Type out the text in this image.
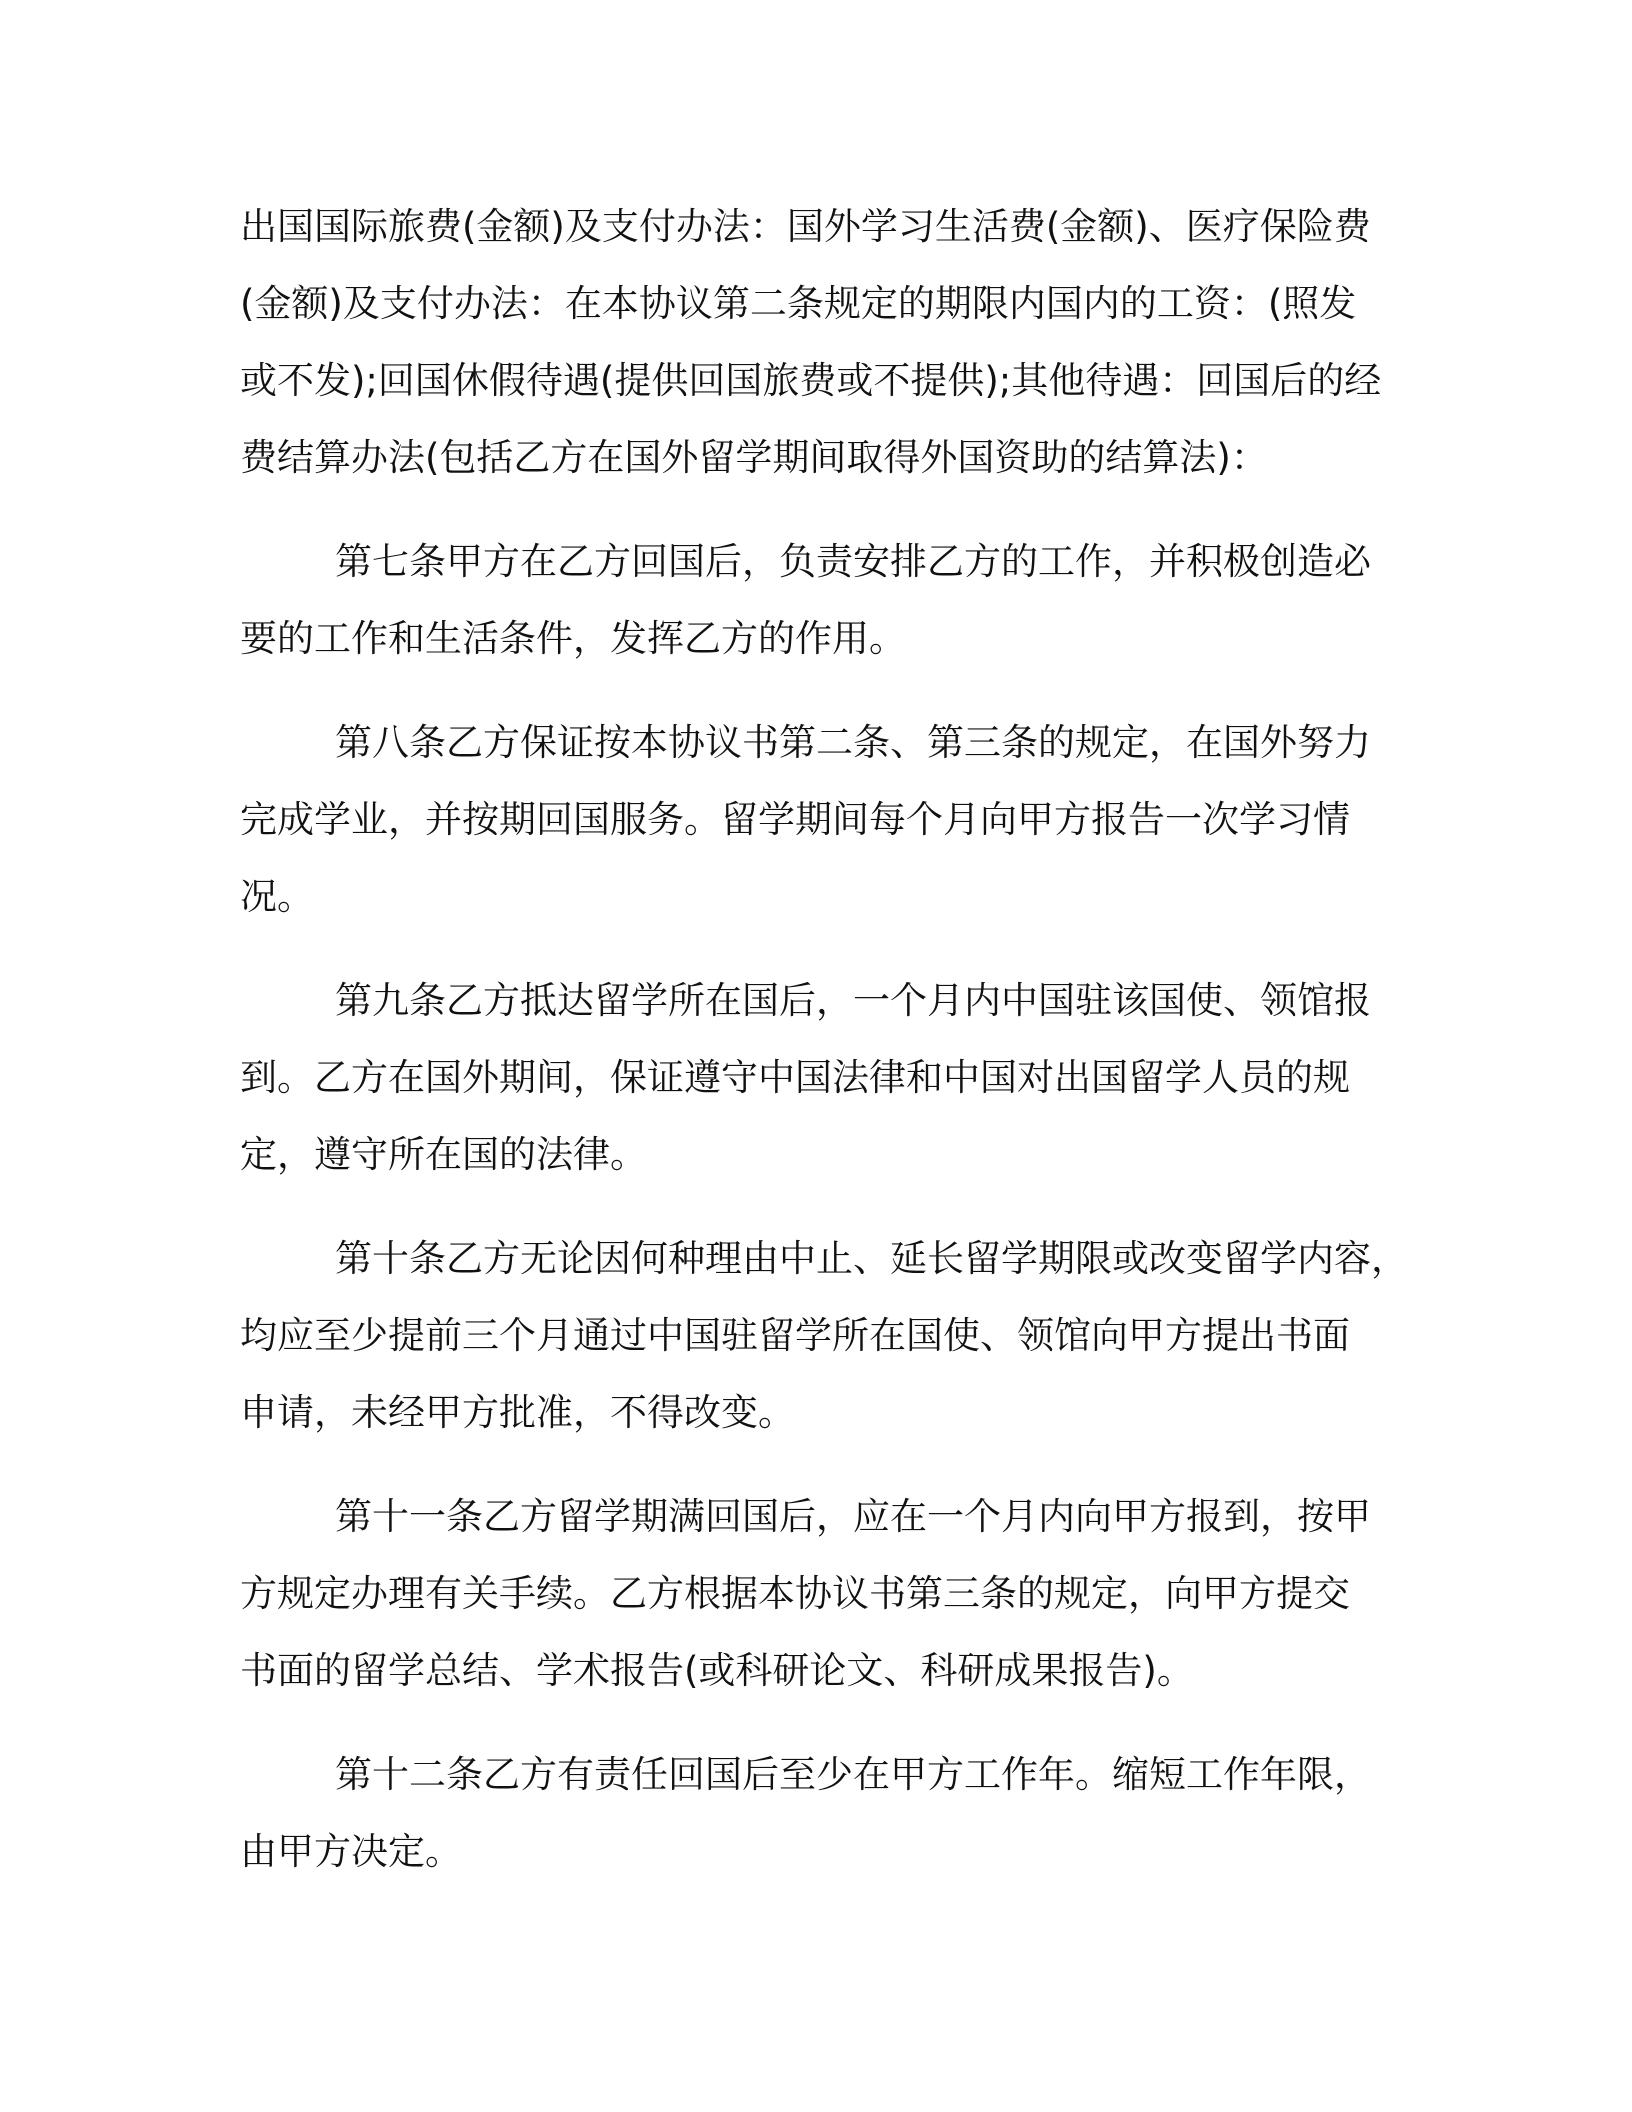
出国国际旅费(金额)及支付办法：国外学习生活费(金额)、医疗保险费
(金额)及支付办法：在本协议第二条规定的期限内国内的工资：(照发
或不发);回国休假待遇(提供回国旅费或不提供);其他待遇：回国后的经
费结算办法(包括乙方在国外留学期间取得外国资助的结算法)：
第七条甲方在乙方回国后，负责安排乙方的工作，并积极创造必
要的工作和生活条件，发挥乙方的作用。
第八条乙方保证按本协议书第二条、第三条的规定，在国外努力
完成学业，并按期回国服务。留学期间每个月向甲方报告一次学习情
况。
第九条乙方抵达留学所在国后，一个月内中国驻该国使、领馆报
到。乙方在国外期间，保证遵守中国法律和中国对出国留学人员的规
定，遵守所在国的法律。
第十条乙方无论因何种理由中止、延长留学期限或改变留学内容，
均应至少提前三个月通过中国驻留学所在国使、领馆向甲方提出书面
申请，未经甲方批准，不得改变。
第十一条乙方留学期满回国后，应在一个月内向甲方报到，按甲
方规定办理有关手续。乙方根据本协议书第三条的规定，向甲方提交
书面的留学总结、学术报告(或科研论文、科研成果报告)。
第十二条乙方有责任回国后至少在甲方工作年。缩短工作年限，
由甲方决定。
